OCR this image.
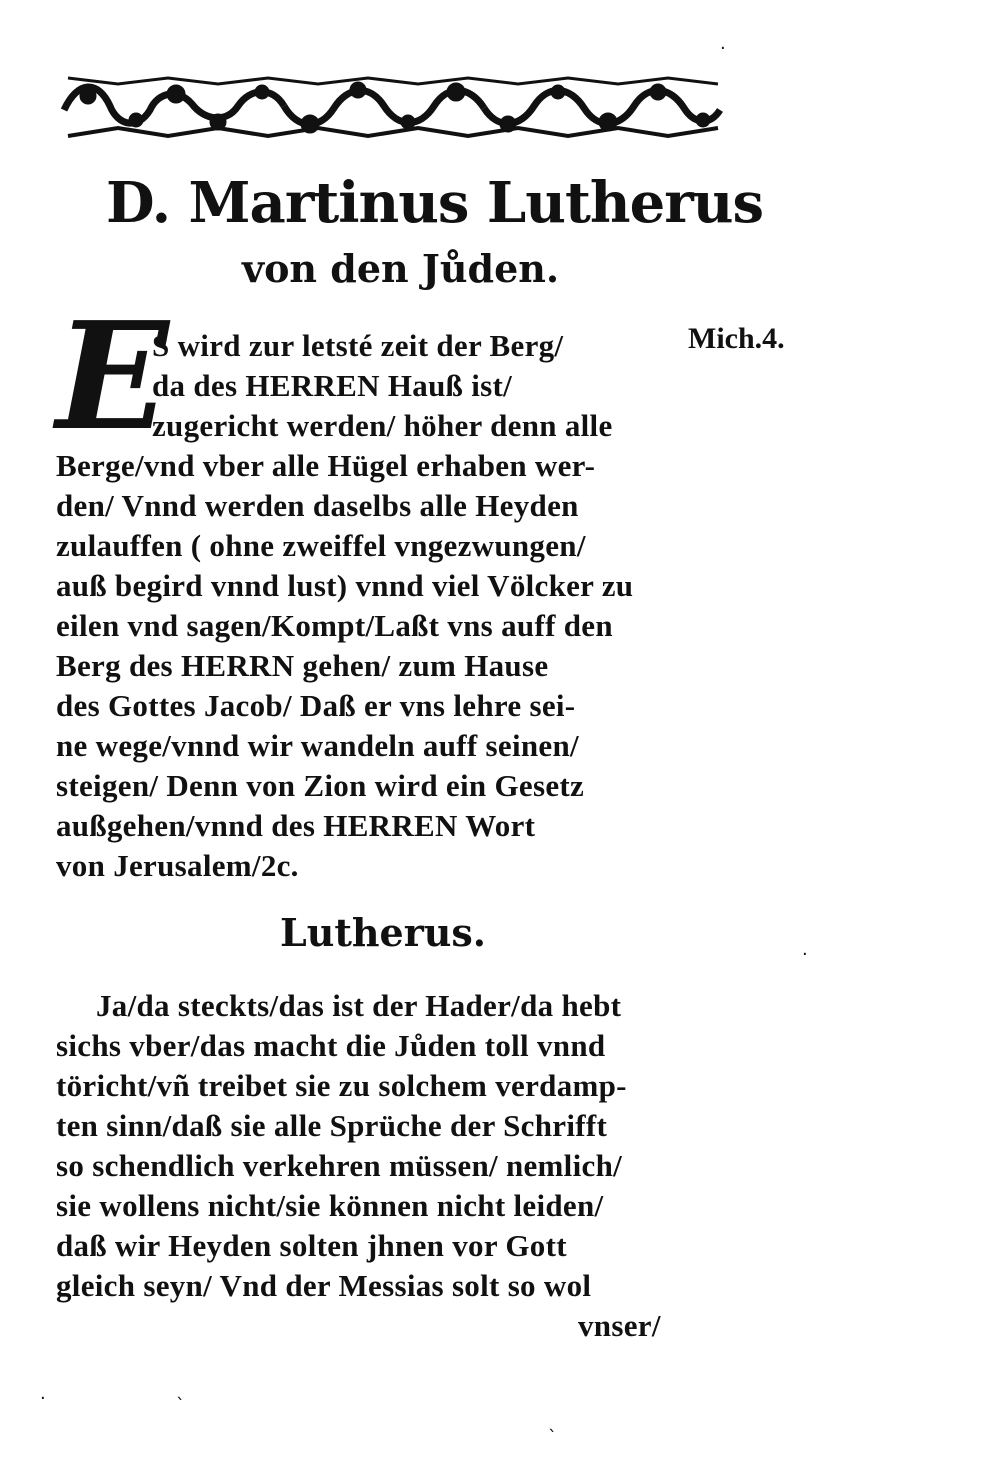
D. Martinus Lutherus
von den Jůden.
E	Mich.4.
S wird zur letsté zeit der Berg/
da des HERREN Hauß ist/
zugericht werden/ höher denn alle
Berge/vnd vber alle Hügel erhaben wer-
den/ Vnnd werden daselbs alle Heyden
zulauffen ( ohne zweiffel vngezwungen/
auß begird vnnd lust) vnnd viel Völcker zu
eilen vnd sagen/Kompt/Laßt vns auff den
Berg des HERRN gehen/ zum Hause
des Gottes Jacob/ Daß er vns lehre sei-
ne wege/vnnd wir wandeln auff seinen/
steigen/ Denn von Zion wird ein Gesetz
außgehen/vnnd des HERREN Wort
von Jerusalem/2c.
Lutherus.
Ja/da steckts/das ist der Hader/da hebt
sichs vber/das macht die Jůden toll vnnd
töricht/vñ treibet sie zu solchem verdamp-
ten sinn/daß sie alle Sprüche der Schrifft
so schendlich verkehren müssen/ nemlich/
sie wollens nicht/sie können nicht leiden/
daß wir Heyden solten jhnen vor Gott
gleich seyn/ Vnd der Messias solt so wol
vnser/
·
·
ˎ
ˎ
·
